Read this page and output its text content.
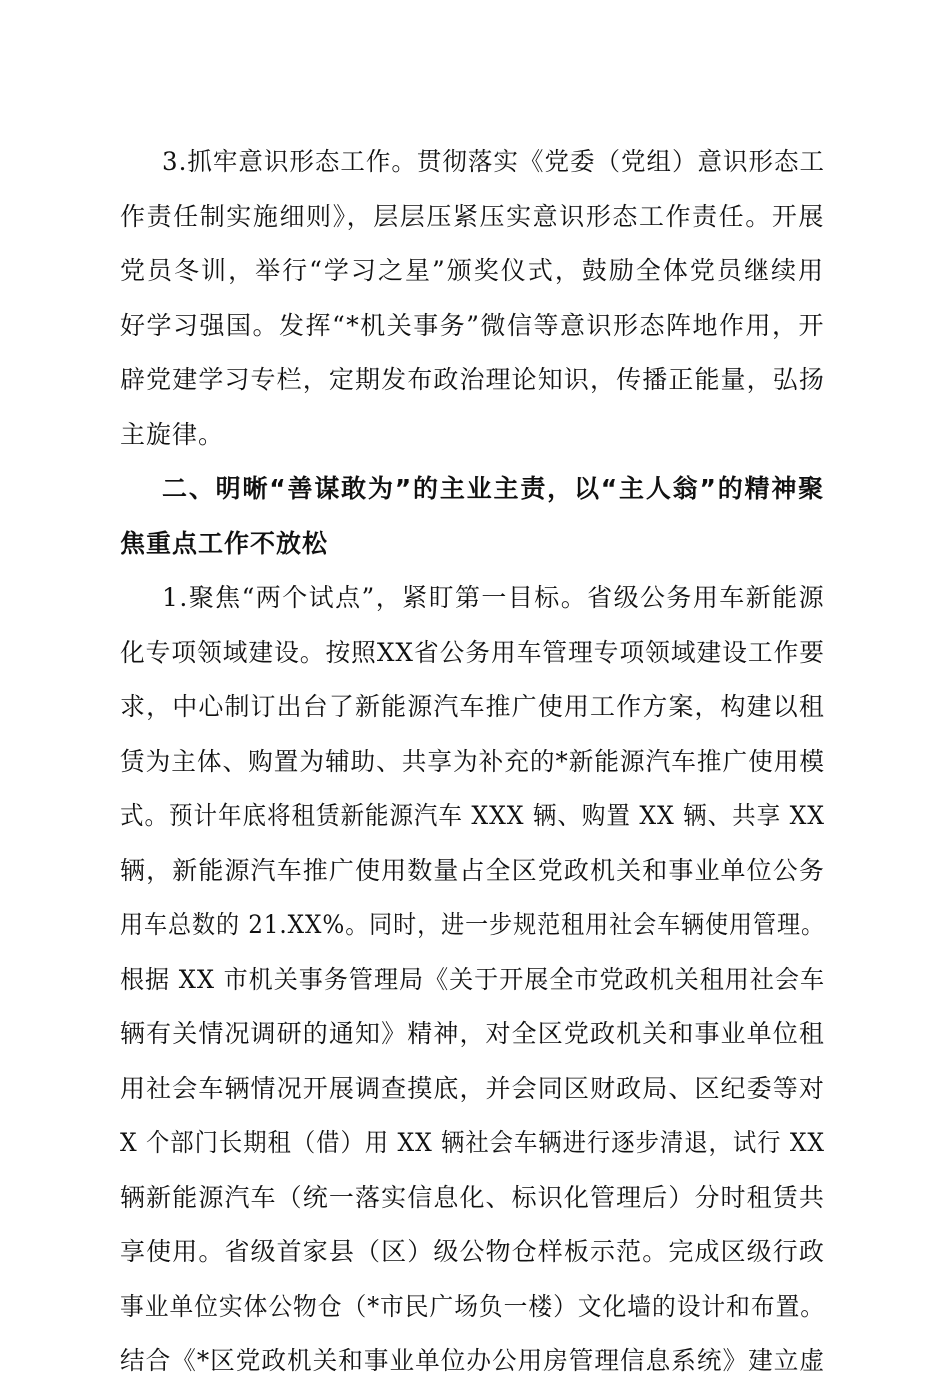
3.抓牢意识形态工作。贯彻落实《党委（党组）意识形态工
作责任制实施细则》，层层压紧压实意识形态工作责任。开展
党员冬训，举行“学习之星”颁奖仪式，鼓励全体党员继续用
好学习强国。发挥“*机关事务”微信等意识形态阵地作用，开
辟党建学习专栏，定期发布政治理论知识，传播正能量，弘扬
主旋律。
二、明晰“善谋敢为”的主业主责，以“主人翁”的精神聚
焦重点工作不放松
1.聚焦“两个试点”，紧盯第一目标。省级公务用车新能源
化专项领域建设。按照XX省公务用车管理专项领域建设工作要
求，中心制订出台了新能源汽车推广使用工作方案，构建以租
赁为主体、购置为辅助、共享为补充的*新能源汽车推广使用模
式。预计年底将租赁新能源汽车 XXX 辆、购置 XX 辆、共享 XX
辆，新能源汽车推广使用数量占全区党政机关和事业单位公务
用车总数的 21.XX%。同时，进一步规范租用社会车辆使用管理。
根据 XX 市机关事务管理局《关于开展全市党政机关租用社会车
辆有关情况调研的通知》精神，对全区党政机关和事业单位租
用社会车辆情况开展调查摸底，并会同区财政局、区纪委等对
X 个部门长期租（借）用 XX 辆社会车辆进行逐步清退，试行 XX
辆新能源汽车（统一落实信息化、标识化管理后）分时租赁共
享使用。省级首家县（区）级公物仓样板示范。完成区级行政
事业单位实体公物仓（*市民广场负一楼）文化墙的设计和布置。
结合《*区党政机关和事业单位办公用房管理信息系统》建立虚
